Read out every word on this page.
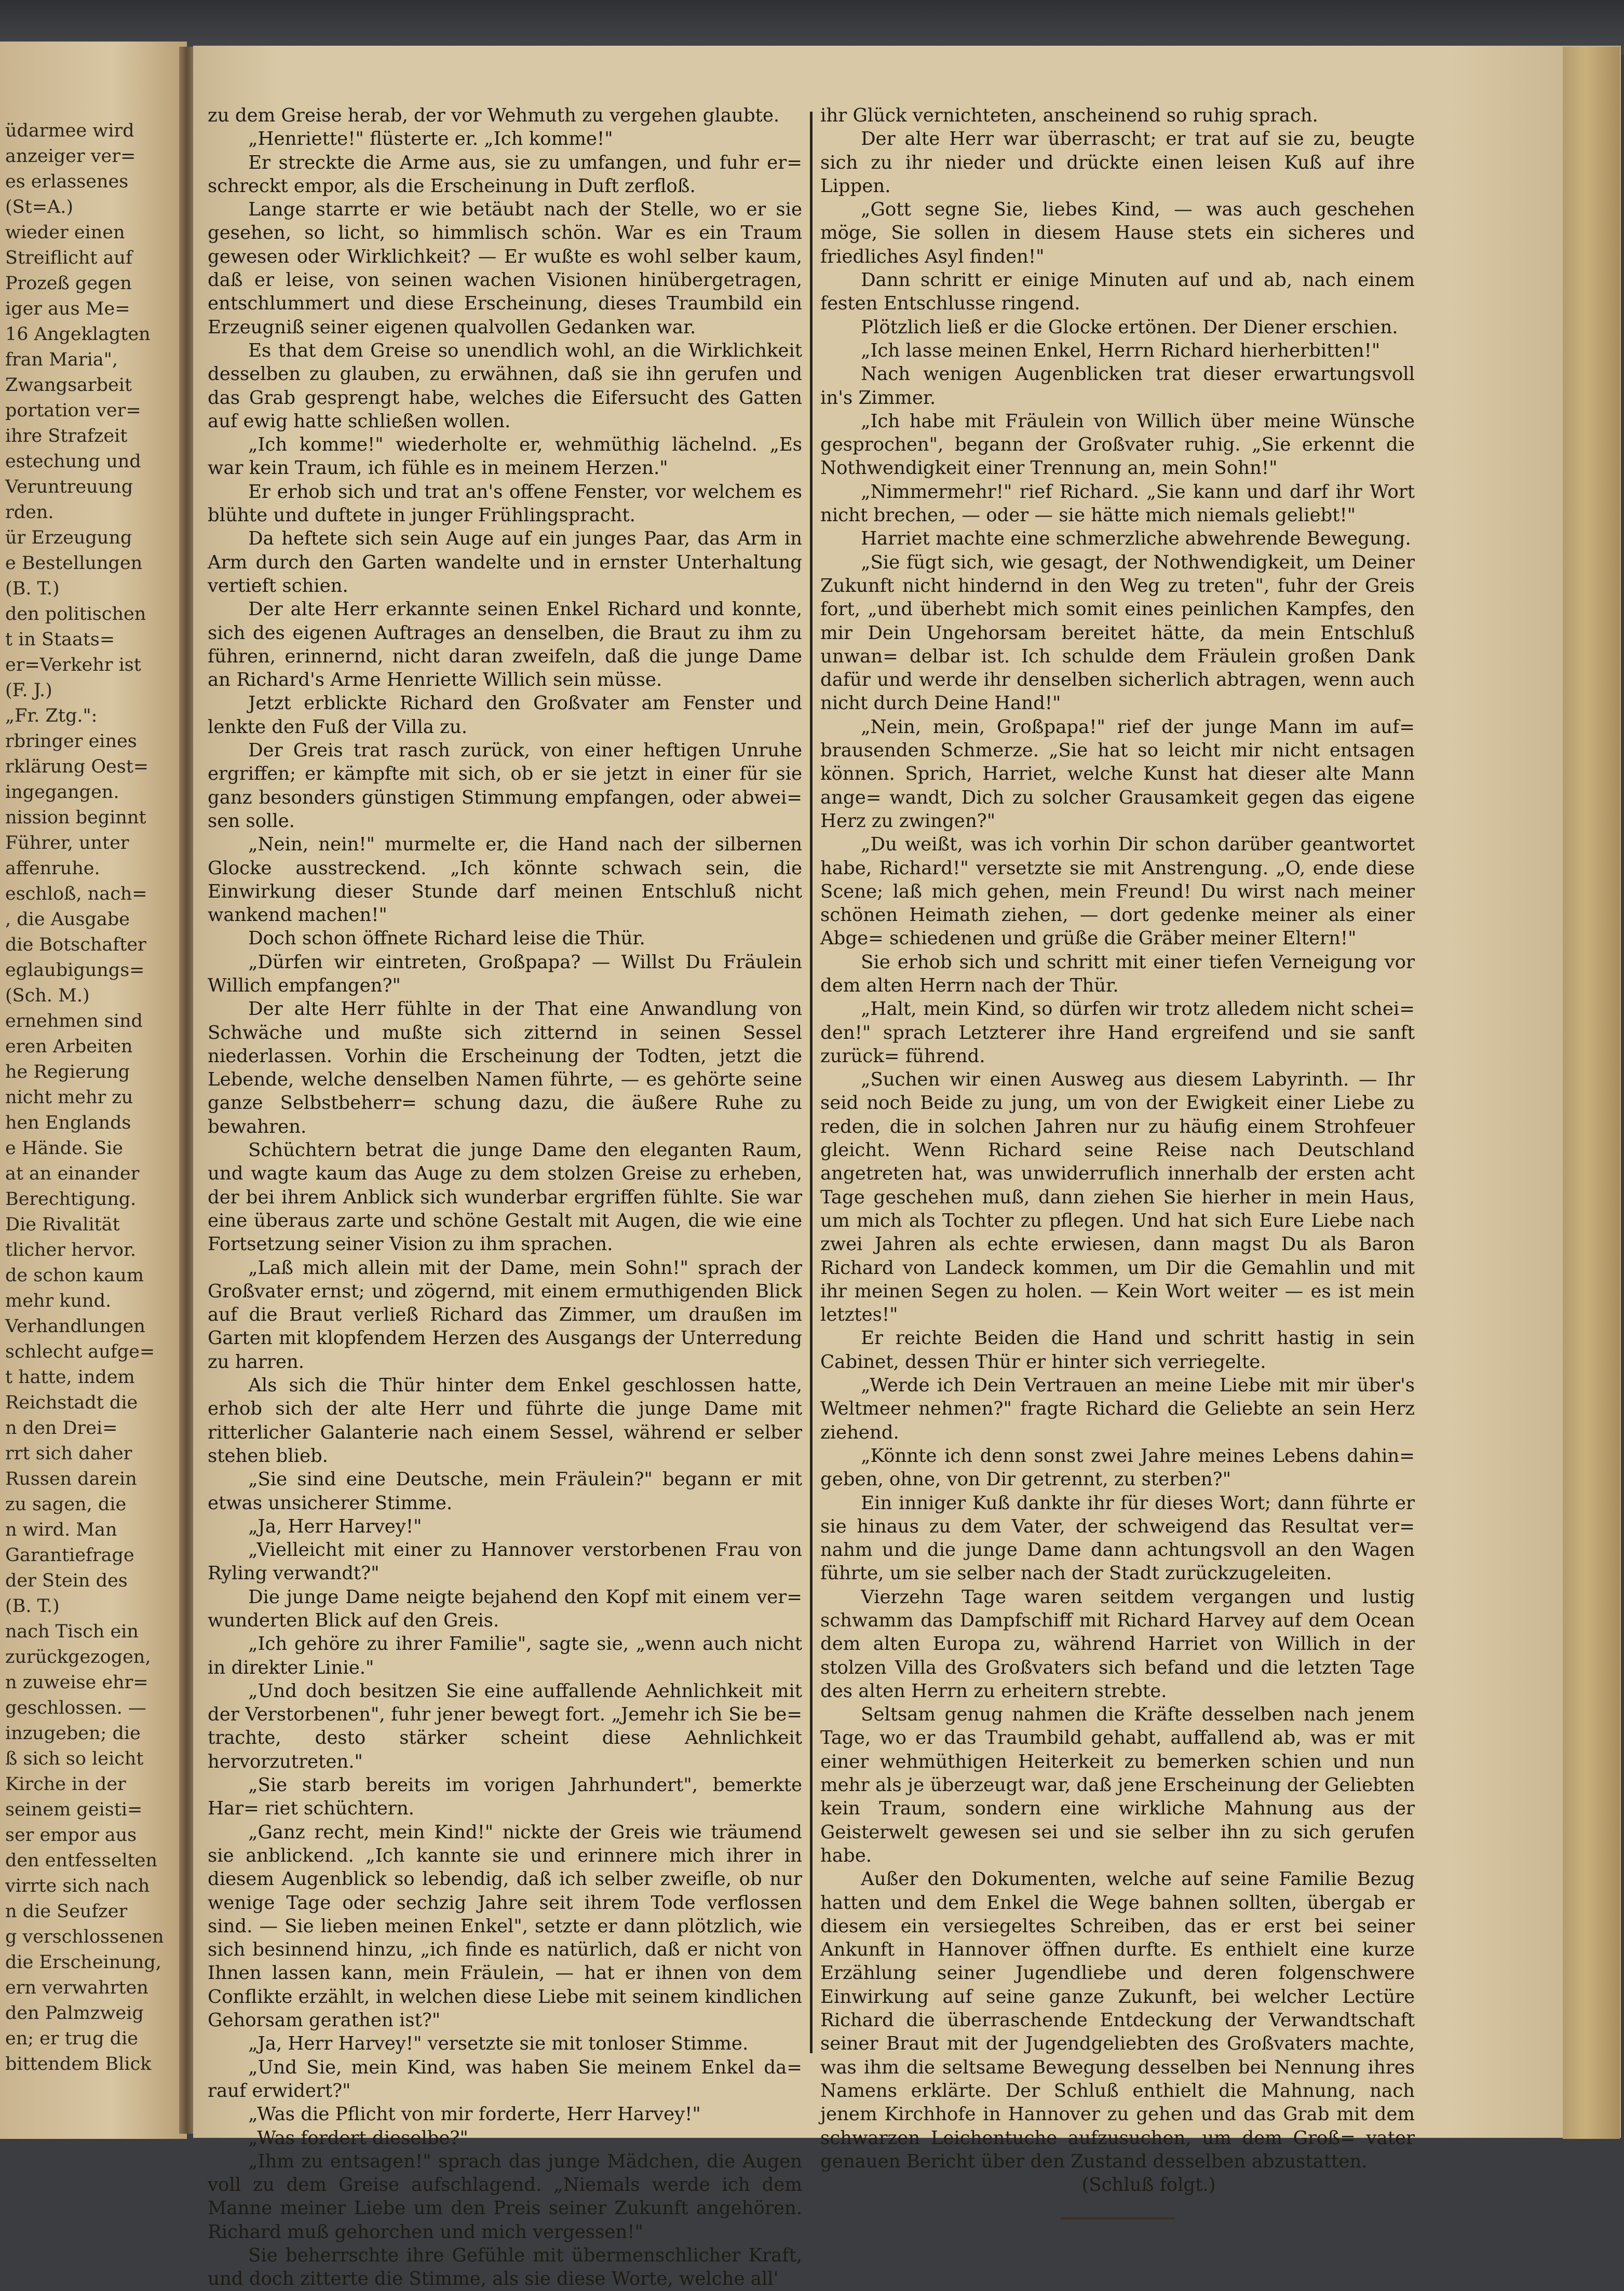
üdarmee wird
anzeiger ver=
es erlassenes
(St=A.)
wieder einen
Streiflicht auf
Prozeß gegen
iger aus Me=
16 Angeklagten
fran Maria",
Zwangsarbeit
portation ver=
ihre Strafzeit
estechung und
Veruntreuung
rden.
ür Erzeugung
e Bestellungen
(B. T.)
den politischen
t in Staats=
er=Verkehr ist
(F. J.)
„Fr. Ztg.":
rbringer eines
rklärung Oest=
ingegangen.
nission beginnt
Führer, unter
affenruhe.
eschloß, nach=
, die Ausgabe
die Botschafter
eglaubigungs=
(Sch. M.)
ernehmen sind
eren Arbeiten
he Regierung
nicht mehr zu
hen Englands
e Hände. Sie
at an einander
Berechtigung.
Die Rivalität
tlicher hervor.
de schon kaum
mehr kund.
Verhandlungen
schlecht aufge=
t hatte, indem
Reichstadt die
n den Drei=
rrt sich daher
Russen darein
zu sagen, die
n wird. Man
Garantiefrage
der Stein des
(B. T.)
nach Tisch ein
zurückgezogen,
n zuweise ehr=
geschlossen. —
inzugeben; die
ß sich so leicht
Kirche in der
seinem geisti=
ser empor aus
den entfesselten
virrte sich nach
n die Seufzer
g verschlossenen
die Erscheinung,
ern verwahrten
den Palmzweig
en; er trug die
bittendem Blick

zu dem Greise herab, der vor Wehmuth zu vergehen glaubte.

„Henriette!" flüsterte er. „Ich komme!"

Er streckte die Arme aus, sie zu umfangen, und fuhr er= schreckt empor, als die Erscheinung in Duft zerfloß.

Lange starrte er wie betäubt nach der Stelle, wo er sie gesehen, so licht, so himmlisch schön. War es ein Traum gewesen oder Wirklichkeit? — Er wußte es wohl selber kaum, daß er leise, von seinen wachen Visionen hinübergetragen, entschlummert und diese Erscheinung, dieses Traumbild ein Erzeugniß seiner eigenen qualvollen Gedanken war.

Es that dem Greise so unendlich wohl, an die Wirklichkeit desselben zu glauben, zu erwähnen, daß sie ihn gerufen und das Grab gesprengt habe, welches die Eifersucht des Gatten auf ewig hatte schließen wollen.

„Ich komme!" wiederholte er, wehmüthig lächelnd. „Es war kein Traum, ich fühle es in meinem Herzen."

Er erhob sich und trat an's offene Fenster, vor welchem es blühte und duftete in junger Frühlingspracht.

Da heftete sich sein Auge auf ein junges Paar, das Arm in Arm durch den Garten wandelte und in ernster Unterhaltung vertieft schien.

Der alte Herr erkannte seinen Enkel Richard und konnte, sich des eigenen Auftrages an denselben, die Braut zu ihm zu führen, erinnernd, nicht daran zweifeln, daß die junge Dame an Richard's Arme Henriette Willich sein müsse.

Jetzt erblickte Richard den Großvater am Fenster und lenkte den Fuß der Villa zu.

Der Greis trat rasch zurück, von einer heftigen Unruhe ergriffen; er kämpfte mit sich, ob er sie jetzt in einer für sie ganz besonders günstigen Stimmung empfangen, oder abwei= sen solle.

„Nein, nein!" murmelte er, die Hand nach der silbernen Glocke ausstreckend. „Ich könnte schwach sein, die Einwirkung dieser Stunde darf meinen Entschluß nicht wankend machen!"

Doch schon öffnete Richard leise die Thür.

„Dürfen wir eintreten, Großpapa? — Willst Du Fräulein Willich empfangen?"

Der alte Herr fühlte in der That eine Anwandlung von Schwäche und mußte sich zitternd in seinen Sessel niederlassen. Vorhin die Erscheinung der Todten, jetzt die Lebende, welche denselben Namen führte, — es gehörte seine ganze Selbstbeherr= schung dazu, die äußere Ruhe zu bewahren.

Schüchtern betrat die junge Dame den eleganten Raum, und wagte kaum das Auge zu dem stolzen Greise zu erheben, der bei ihrem Anblick sich wunderbar ergriffen fühlte. Sie war eine überaus zarte und schöne Gestalt mit Augen, die wie eine Fortsetzung seiner Vision zu ihm sprachen.

„Laß mich allein mit der Dame, mein Sohn!" sprach der Großvater ernst; und zögernd, mit einem ermuthigenden Blick auf die Braut verließ Richard das Zimmer, um draußen im Garten mit klopfendem Herzen des Ausgangs der Unterredung zu harren.

Als sich die Thür hinter dem Enkel geschlossen hatte, erhob sich der alte Herr und führte die junge Dame mit ritterlicher Galanterie nach einem Sessel, während er selber stehen blieb.

„Sie sind eine Deutsche, mein Fräulein?" begann er mit etwas unsicherer Stimme.

„Ja, Herr Harvey!"

„Vielleicht mit einer zu Hannover verstorbenen Frau von Ryling verwandt?"

Die junge Dame neigte bejahend den Kopf mit einem ver= wunderten Blick auf den Greis.

„Ich gehöre zu ihrer Familie", sagte sie, „wenn auch nicht in direkter Linie."

„Und doch besitzen Sie eine auffallende Aehnlichkeit mit der Verstorbenen", fuhr jener bewegt fort. „Jemehr ich Sie be= trachte, desto stärker scheint diese Aehnlichkeit hervorzutreten."

„Sie starb bereits im vorigen Jahrhundert", bemerkte Har= riet schüchtern.

„Ganz recht, mein Kind!" nickte der Greis wie träumend sie anblickend. „Ich kannte sie und erinnere mich ihrer in diesem Augenblick so lebendig, daß ich selber zweifle, ob nur wenige Tage oder sechzig Jahre seit ihrem Tode verflossen sind. — Sie lieben meinen Enkel", setzte er dann plötzlich, wie sich besinnend hinzu, „ich finde es natürlich, daß er nicht von Ihnen lassen kann, mein Fräulein, — hat er ihnen von dem Conflikte erzählt, in welchen diese Liebe mit seinem kindlichen Gehorsam gerathen ist?"

„Ja, Herr Harvey!" versetzte sie mit tonloser Stimme.

„Und Sie, mein Kind, was haben Sie meinem Enkel da= rauf erwidert?"

„Was die Pflicht von mir forderte, Herr Harvey!"

„Was fordert dieselbe?"

„Ihm zu entsagen!" sprach das junge Mädchen, die Augen voll zu dem Greise aufschlagend. „Niemals werde ich dem Manne meiner Liebe um den Preis seiner Zukunft angehören. Richard muß gehorchen und mich vergessen!"

Sie beherrschte ihre Gefühle mit übermenschlicher Kraft, und doch zitterte die Stimme, als sie diese Worte, welche all'

ihr Glück vernichteten, anscheinend so ruhig sprach.

Der alte Herr war überrascht; er trat auf sie zu, beugte sich zu ihr nieder und drückte einen leisen Kuß auf ihre Lippen.

„Gott segne Sie, liebes Kind, — was auch geschehen möge, Sie sollen in diesem Hause stets ein sicheres und friedliches Asyl finden!"

Dann schritt er einige Minuten auf und ab, nach einem festen Entschlusse ringend.

Plötzlich ließ er die Glocke ertönen. Der Diener erschien.

„Ich lasse meinen Enkel, Herrn Richard hierherbitten!"

Nach wenigen Augenblicken trat dieser erwartungsvoll in's Zimmer.

„Ich habe mit Fräulein von Willich über meine Wünsche gesprochen", begann der Großvater ruhig. „Sie erkennt die Nothwendigkeit einer Trennung an, mein Sohn!"

„Nimmermehr!" rief Richard. „Sie kann und darf ihr Wort nicht brechen, — oder — sie hätte mich niemals geliebt!"

Harriet machte eine schmerzliche abwehrende Bewegung.

„Sie fügt sich, wie gesagt, der Nothwendigkeit, um Deiner Zukunft nicht hindernd in den Weg zu treten", fuhr der Greis fort, „und überhebt mich somit eines peinlichen Kampfes, den mir Dein Ungehorsam bereitet hätte, da mein Entschluß unwan= delbar ist. Ich schulde dem Fräulein großen Dank dafür und werde ihr denselben sicherlich abtragen, wenn auch nicht durch Deine Hand!"

„Nein, mein, Großpapa!" rief der junge Mann im auf= brausenden Schmerze. „Sie hat so leicht mir nicht entsagen können. Sprich, Harriet, welche Kunst hat dieser alte Mann ange= wandt, Dich zu solcher Grausamkeit gegen das eigene Herz zu zwingen?"

„Du weißt, was ich vorhin Dir schon darüber geantwortet habe, Richard!" versetzte sie mit Anstrengung. „O, ende diese Scene; laß mich gehen, mein Freund! Du wirst nach meiner schönen Heimath ziehen, — dort gedenke meiner als einer Abge= schiedenen und grüße die Gräber meiner Eltern!"

Sie erhob sich und schritt mit einer tiefen Verneigung vor dem alten Herrn nach der Thür.

„Halt, mein Kind, so dürfen wir trotz alledem nicht schei= den!" sprach Letzterer ihre Hand ergreifend und sie sanft zurück= führend.

„Suchen wir einen Ausweg aus diesem Labyrinth. — Ihr seid noch Beide zu jung, um von der Ewigkeit einer Liebe zu reden, die in solchen Jahren nur zu häufig einem Strohfeuer gleicht. Wenn Richard seine Reise nach Deutschland angetreten hat, was unwiderruflich innerhalb der ersten acht Tage geschehen muß, dann ziehen Sie hierher in mein Haus, um mich als Tochter zu pflegen. Und hat sich Eure Liebe nach zwei Jahren als echte erwiesen, dann magst Du als Baron Richard von Landeck kommen, um Dir die Gemahlin und mit ihr meinen Segen zu holen. — Kein Wort weiter — es ist mein letztes!"

Er reichte Beiden die Hand und schritt hastig in sein Cabinet, dessen Thür er hinter sich verriegelte.

„Werde ich Dein Vertrauen an meine Liebe mit mir über's Weltmeer nehmen?" fragte Richard die Geliebte an sein Herz ziehend.

„Könnte ich denn sonst zwei Jahre meines Lebens dahin= geben, ohne, von Dir getrennt, zu sterben?"

Ein inniger Kuß dankte ihr für dieses Wort; dann führte er sie hinaus zu dem Vater, der schweigend das Resultat ver= nahm und die junge Dame dann achtungsvoll an den Wagen führte, um sie selber nach der Stadt zurückzugeleiten.

Vierzehn Tage waren seitdem vergangen und lustig schwamm das Dampfschiff mit Richard Harvey auf dem Ocean dem alten Europa zu, während Harriet von Willich in der stolzen Villa des Großvaters sich befand und die letzten Tage des alten Herrn zu erheitern strebte.

Seltsam genug nahmen die Kräfte desselben nach jenem Tage, wo er das Traumbild gehabt, auffallend ab, was er mit einer wehmüthigen Heiterkeit zu bemerken schien und nun mehr als je überzeugt war, daß jene Erscheinung der Geliebten kein Traum, sondern eine wirkliche Mahnung aus der Geisterwelt gewesen sei und sie selber ihn zu sich gerufen habe.

Außer den Dokumenten, welche auf seine Familie Bezug hatten und dem Enkel die Wege bahnen sollten, übergab er diesem ein versiegeltes Schreiben, das er erst bei seiner Ankunft in Hannover öffnen durfte. Es enthielt eine kurze Erzählung seiner Jugendliebe und deren folgenschwere Einwirkung auf seine ganze Zukunft, bei welcher Lectüre Richard die überraschende Entdeckung der Verwandtschaft seiner Braut mit der Jugendgeliebten des Großvaters machte, was ihm die seltsame Bewegung desselben bei Nennung ihres Namens erklärte. Der Schluß enthielt die Mahnung, nach jenem Kirchhofe in Hannover zu gehen und das Grab mit dem schwarzen Leichentuche aufzusuchen, um dem Groß= vater genauen Bericht über den Zustand desselben abzustatten.

(Schluß folgt.)
